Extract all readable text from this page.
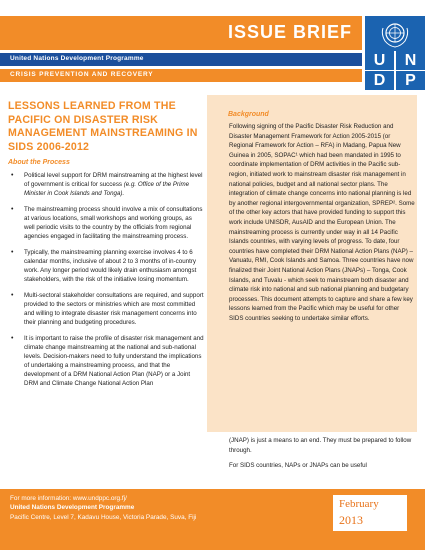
ISSUE BRIEF
United Nations Development Programme
CRISIS PREVENTION AND RECOVERY
U	N
D	P
LESSONS LEARNED FROM THE PACIFIC ON DISASTER RISK MANAGEMENT MAINSTREAMING IN SIDS 2006-2012
About the Process
• Political level support for DRM mainstreaming at the highest level of government is critical for success (e.g. Office of the Prime Minister in Cook Islands and Tonga).
• The mainstreaming process should involve a mix of consultations at various locations, small workshops and working groups, as well periodic visits to the country by the officials from regional agencies engaged in facilitating the mainstreaming process.
• Typically, the mainstreaming planning exercise involves 4 to 6 calendar months, inclusive of about 2 to 3 months of in-country work. Any longer period would likely drain enthusiasm amongst stakeholders, with the risk of the initiative losing momentum.
• Multi-sectoral stakeholder consultations are required, and support provided to the sectors or ministries which are most committed and willing to integrate disaster risk management concerns into their planning and budgeting procedures.
• It is important to raise the profile of disaster risk management and climate change mainstreaming at the national and sub-national levels. Decision-makers need to fully understand the implications of undertaking a mainstreaming process, and that the development of a DRM National Action Plan (NAP) or a Joint DRM and Climate Change National Action Plan
Background
Following signing of the Pacific Disaster Risk Reduction and Disaster Management Framework for Action 2005-2015 (or Regional Framework for Action – RFA) in Madang, Papua New Guinea in 2005, SOPAC¹ which had been mandated in 1995 to coordinate implementation of DRM activities in the Pacific sub-region, initiated work to mainstream disaster risk management in national policies, budget and all national sector plans. The integration of climate change concerns into national planning is led by another regional intergovernmental organization, SPREP². Some of the other key actors that have provided funding to support this work include UNISDR, AusAID and the European Union. The mainstreaming process is currently under way in all 14 Pacific Islands countries, with varying levels of progress. To date, four countries have completed their DRM National Action Plans (NAP) –Vanuatu, RMI, Cook Islands and Samoa. Three countries have now finalized their Joint National Action Plans (JNAPs) – Tonga, Cook Islands, and Tuvalu - which seek to mainstream both disaster and climate risk into national and sub national planning and budgetary processes. This document attempts to capture and share a few key lessons learned from the Pacific which may be useful for other SIDS countries seeking to undertake similar efforts.

(JNAP) is just a means to an end. They must be prepared to follow through.

For SIDS countries, NAPs or JNAPs can be useful

For more information: www.undppc.org.fj/
United Nations Development Programme
Pacific Centre, Level 7, Kadavu House, Victoria Parade, Suva, Fiji
February
2013
